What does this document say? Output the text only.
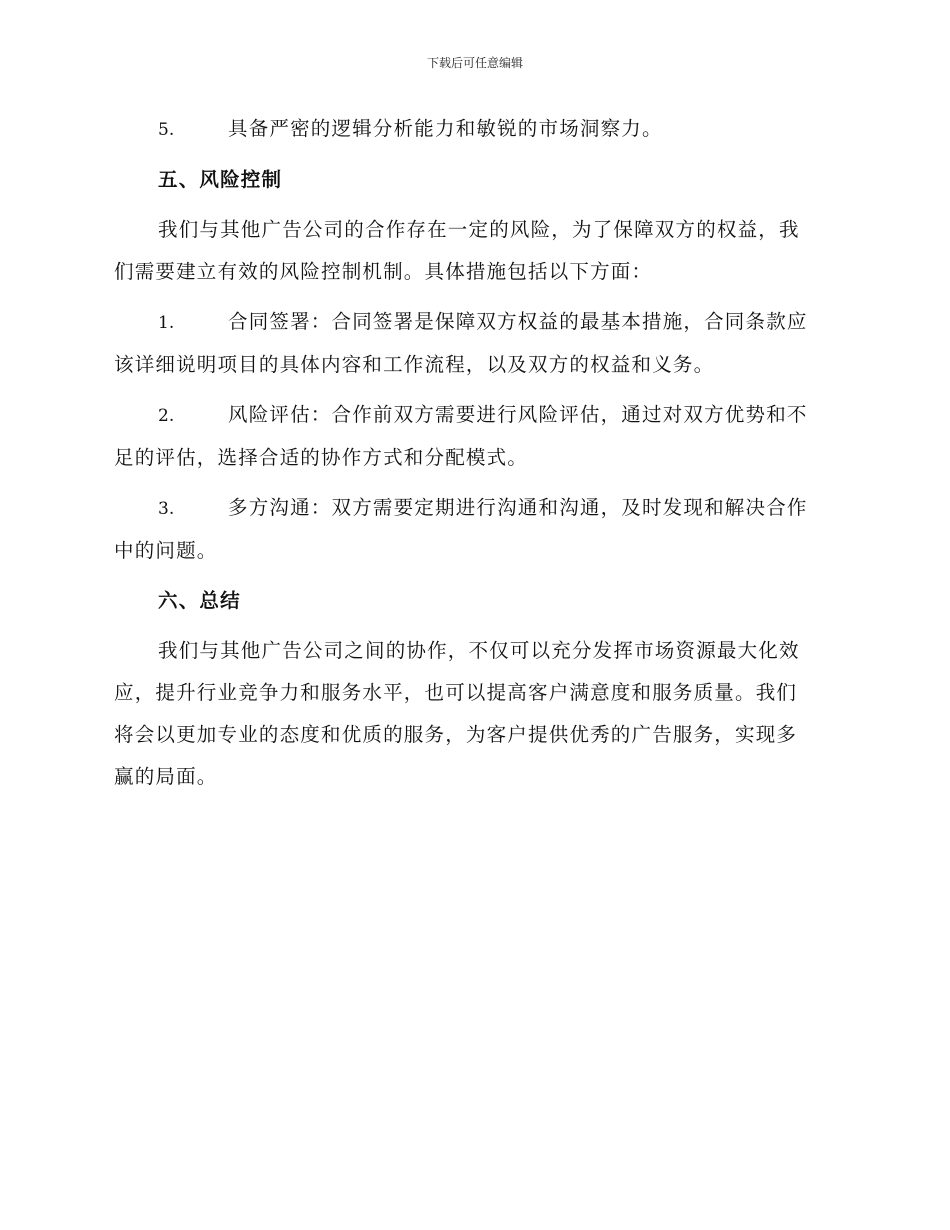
下载后可任意编辑
5.	具备严密的逻辑分析能力和敏锐的市场洞察力。
五、风险控制
我们与其他广告公司的合作存在一定的风险，为了保障双方的权益，我
们需要建立有效的风险控制机制。具体措施包括以下方面：
1.	合同签署：合同签署是保障双方权益的最基本措施，合同条款应
该详细说明项目的具体内容和工作流程，以及双方的权益和义务。
2.	风险评估：合作前双方需要进行风险评估，通过对双方优势和不
足的评估，选择合适的协作方式和分配模式。
3.	多方沟通：双方需要定期进行沟通和沟通，及时发现和解决合作
中的问题。
六、总结
我们与其他广告公司之间的协作，不仅可以充分发挥市场资源最大化效
应，提升行业竞争力和服务水平，也可以提高客户满意度和服务质量。我们
将会以更加专业的态度和优质的服务，为客户提供优秀的广告服务，实现多
赢的局面。
